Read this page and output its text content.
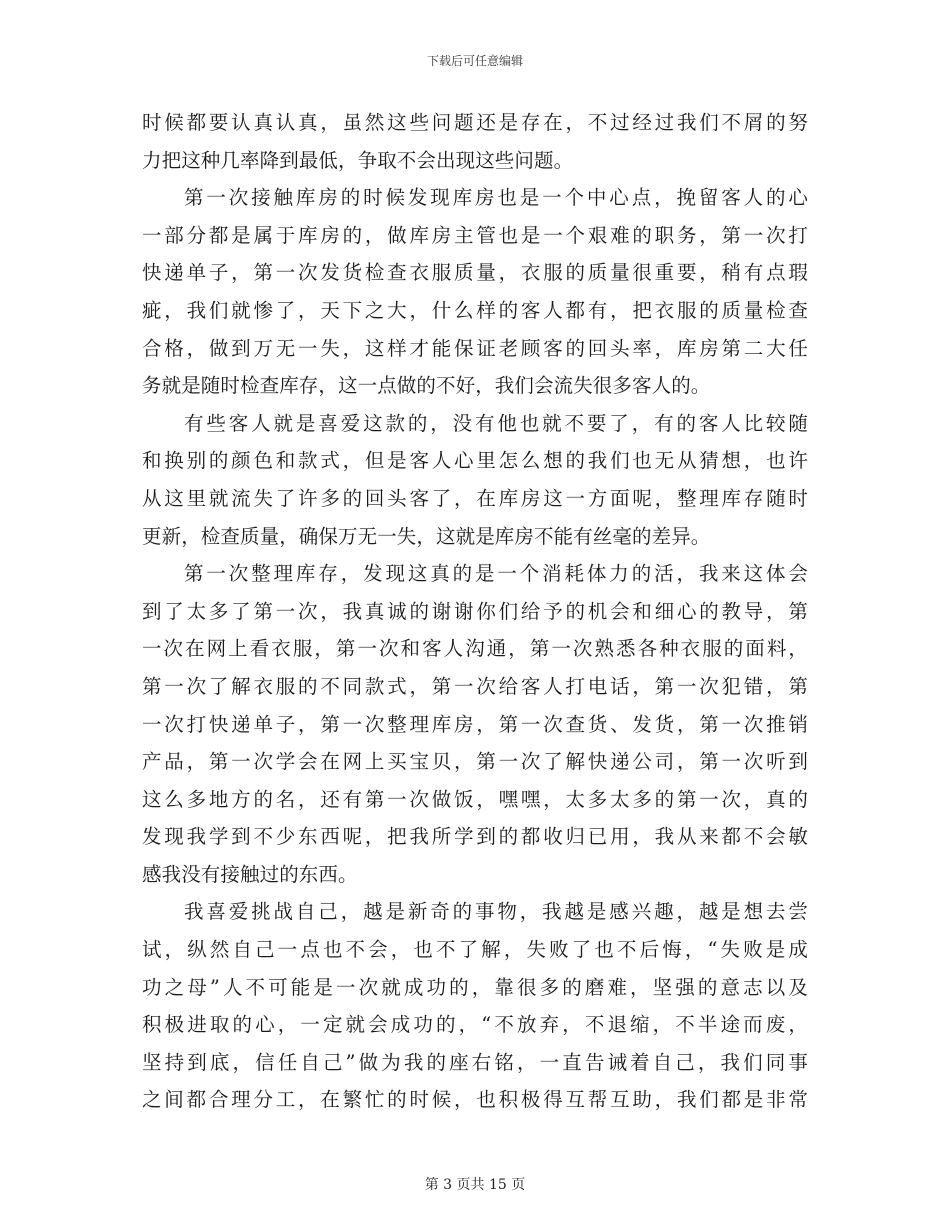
下载后可任意编辑
时候都要认真认真，虽然这些问题还是存在，不过经过我们不屑的努
力把这种几率降到最低，争取不会出现这些问题。
第一次接触库房的时候发现库房也是一个中心点，挽留客人的心
一部分都是属于库房的，做库房主管也是一个艰难的职务，第一次打
快递单子，第一次发货检查衣服质量，衣服的质量很重要，稍有点瑕
疵，我们就惨了，天下之大，什么样的客人都有，把衣服的质量检查
合格，做到万无一失，这样才能保证老顾客的回头率，库房第二大任
务就是随时检查库存，这一点做的不好，我们会流失很多客人的。
有些客人就是喜爱这款的，没有他也就不要了，有的客人比较随
和换别的颜色和款式，但是客人心里怎么想的我们也无从猜想，也许
从这里就流失了许多的回头客了，在库房这一方面呢，整理库存随时
更新，检查质量，确保万无一失，这就是库房不能有丝毫的差异。
第一次整理库存，发现这真的是一个消耗体力的活，我来这体会
到了太多了第一次，我真诚的谢谢你们给予的机会和细心的教导，第
一次在网上看衣服，第一次和客人沟通，第一次熟悉各种衣服的面料，
第一次了解衣服的不同款式，第一次给客人打电话，第一次犯错，第
一次打快递单子，第一次整理库房，第一次查货、发货，第一次推销
产品，第一次学会在网上买宝贝，第一次了解快递公司，第一次听到
这么多地方的名，还有第一次做饭，嘿嘿，太多太多的第一次，真的
发现我学到不少东西呢，把我所学到的都收归已用，我从来都不会敏
感我没有接触过的东西。
我喜爱挑战自己，越是新奇的事物，我越是感兴趣，越是想去尝
试，纵然自己一点也不会，也不了解，失败了也不后悔，“失败是成
功之母”人不可能是一次就成功的，靠很多的磨难，坚强的意志以及
积极进取的心，一定就会成功的，“不放弃，不退缩，不半途而废，
坚持到底，信任自己”做为我的座右铭，一直告诫着自己，我们同事
之间都合理分工，在繁忙的时候，也积极得互帮互助，我们都是非常
第 3 页共 15 页
